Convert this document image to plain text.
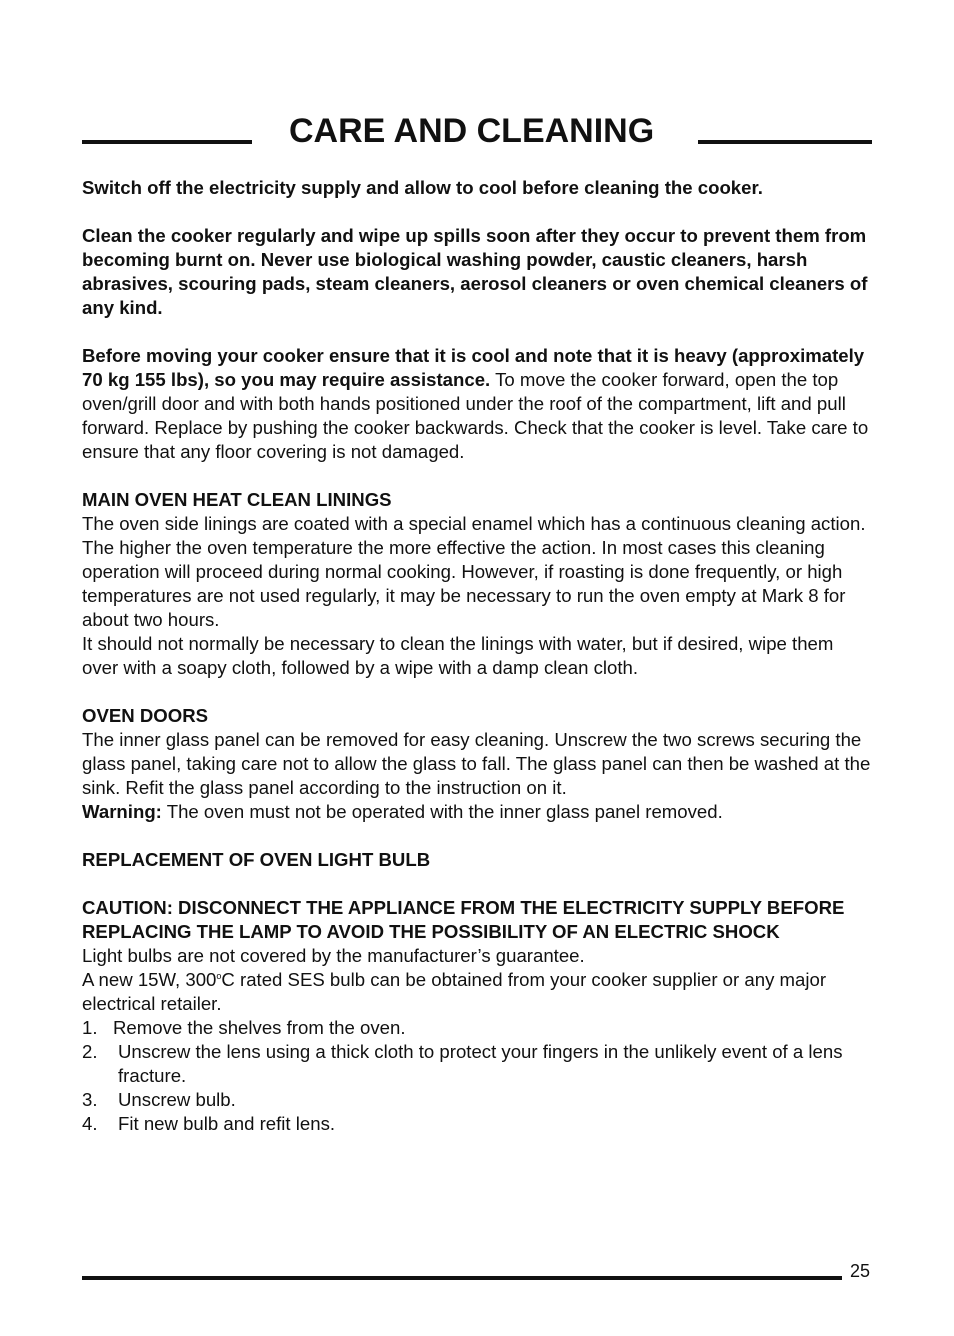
CARE AND CLEANING

Switch off the electricity supply and allow to cool before cleaning the cooker.

Clean the cooker regularly and wipe up spills soon after they occur to prevent them from becoming burnt on. Never use biological washing powder, caustic cleaners, harsh abrasives, scouring pads, steam cleaners, aerosol cleaners or oven chemical cleaners of any kind.

Before moving your cooker ensure that it is cool and note that it is heavy (approximately 70 kg 155 lbs), so you may require assistance. To move the cooker forward, open the top oven/grill door and with both hands positioned under the roof of the compartment, lift and pull forward. Replace by pushing the cooker backwards. Check that the cooker is level. Take care to ensure that any floor covering is not damaged.

MAIN OVEN HEAT CLEAN LININGS

The oven side linings are coated with a special enamel which has a continuous cleaning action. The higher the oven temperature the more effective the action. In most cases this cleaning operation will proceed during normal cooking. However, if roasting is done frequently, or high temperatures are not used regularly, it may be necessary to run the oven empty at Mark 8 for about two hours.

It should not normally be necessary to clean the linings with water, but if desired, wipe them over with a soapy cloth, followed by a wipe with a damp clean cloth.

OVEN DOORS

The inner glass panel can be removed for easy cleaning. Unscrew the two screws securing the glass panel, taking care not to allow the glass to fall. The glass panel can then be washed at the sink. Refit the glass panel according to the instruction on it.

Warning: The oven must not be operated with the inner glass panel removed.

REPLACEMENT OF OVEN LIGHT BULB

CAUTION: DISCONNECT THE APPLIANCE FROM THE ELECTRICITY SUPPLY BEFORE REPLACING THE LAMP TO AVOID THE POSSIBILITY OF AN ELECTRIC SHOCK

Light bulbs are not covered by the manufacturer’s guarantee.

A new 15W, 300$^o$C rated SES bulb can be obtained from your cooker supplier or any major electrical retailer.

1. Remove the shelves from the oven.
2.	Unscrew the lens using a thick cloth to protect your fingers in the unlikely event of a lens fracture.
3.	Unscrew bulb.
4.	Fit new bulb and refit lens.
25
